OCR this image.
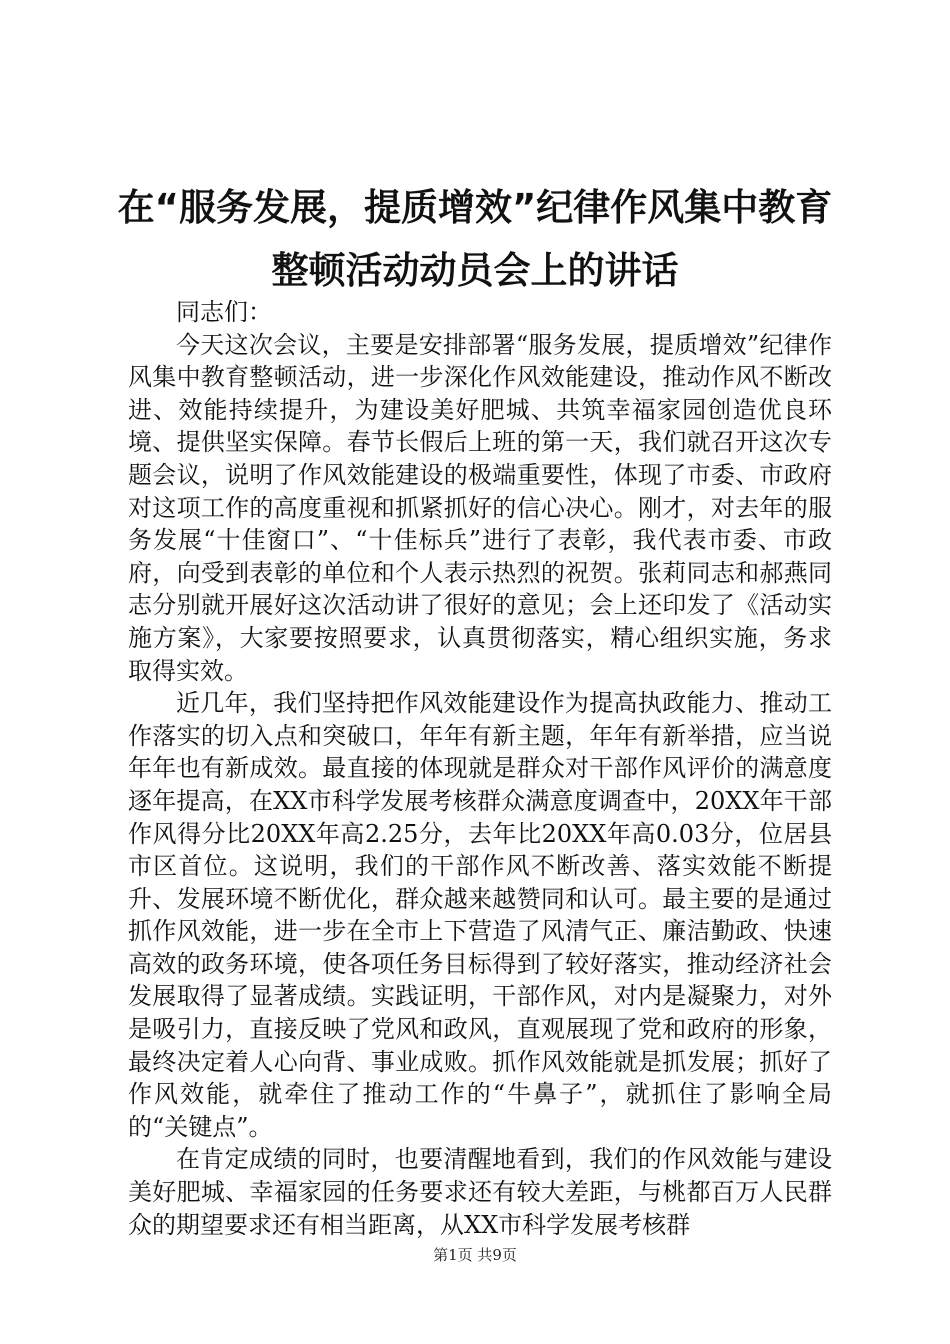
在“服务发展，提质增效”纪律作风集中教育
整顿活动动员会上的讲话

同志们：

今天这次会议，主要是安排部署“服务发展，提质增效”纪律作风集中教育整顿活动，进一步深化作风效能建设，推动作风不断改进、效能持续提升，为建设美好肥城、共筑幸福家园创造优良环境、提供坚实保障。春节长假后上班的第一天，我们就召开这次专题会议，说明了作风效能建设的极端重要性，体现了市委、市政府对这项工作的高度重视和抓紧抓好的信心决心。刚才，对去年的服务发展“十佳窗口”、“十佳标兵”进行了表彰，我代表市委、市政府，向受到表彰的单位和个人表示热烈的祝贺。张莉同志和郝燕同志分别就开展好这次活动讲了很好的意见；会上还印发了《活动实施方案》，大家要按照要求，认真贯彻落实，精心组织实施，务求取得实效。

近几年，我们坚持把作风效能建设作为提高执政能力、推动工作落实的切入点和突破口，年年有新主题，年年有新举措，应当说年年也有新成效。最直接的体现就是群众对干部作风评价的满意度逐年提高，在XX市科学发展考核群众满意度调查中，20XX年干部作风得分比20XX年高2.25分，去年比20XX年高0.03分，位居县市区首位。这说明，我们的干部作风不断改善、落实效能不断提升、发展环境不断优化，群众越来越赞同和认可。最主要的是通过抓作风效能，进一步在全市上下营造了风清气正、廉洁勤政、快速高效的政务环境，使各项任务目标得到了较好落实，推动经济社会发展取得了显著成绩。实践证明，干部作风，对内是凝聚力，对外是吸引力，直接反映了党风和政风，直观展现了党和政府的形象，最终决定着人心向背、事业成败。抓作风效能就是抓发展；抓好了作风效能，就牵住了推动工作的“牛鼻子”，就抓住了影响全局的“关键点”。

在肯定成绩的同时，也要清醒地看到，我们的作风效能与建设美好肥城、幸福家园的任务要求还有较大差距，与桃都百万人民群众的期望要求还有相当距离，从XX市科学发展考核群

第1页 共9页
